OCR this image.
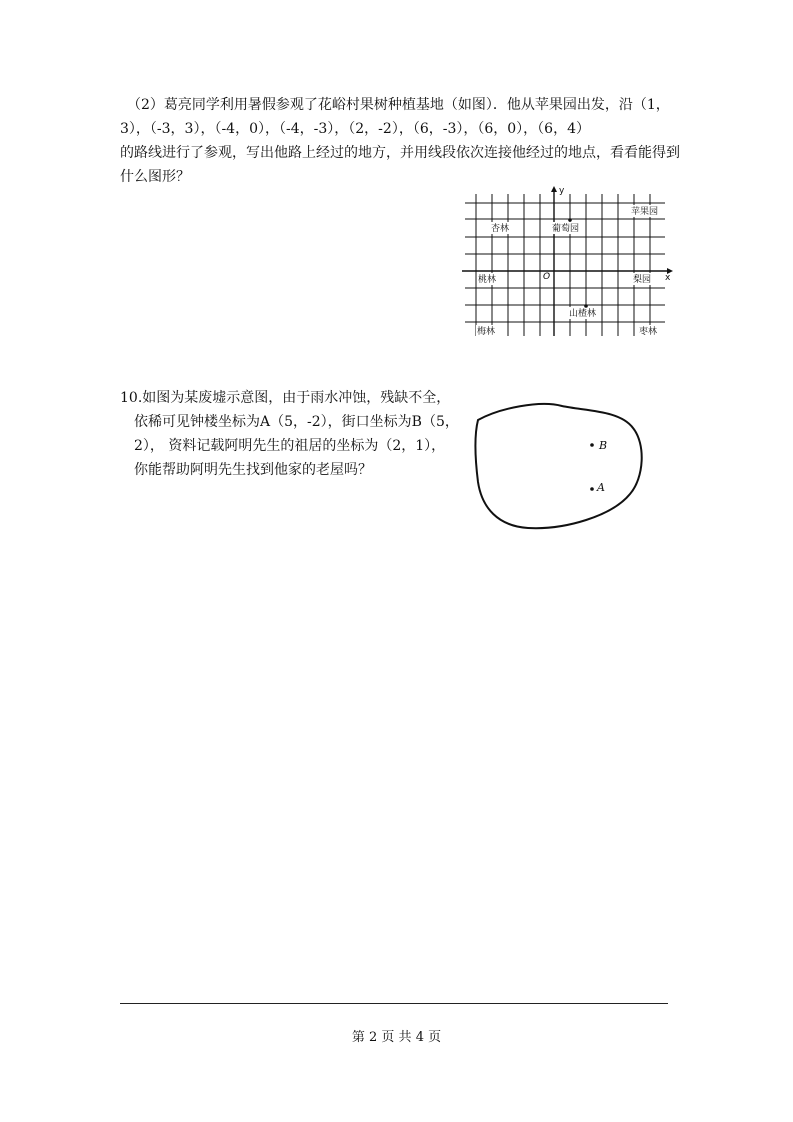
　（2）葛亮同学利用暑假参观了花峪村果树种植基地（如图）．他从苹果园出发，沿（1，
3），（-3，3），（-4，0），（-4，-3），（2，-2），（6，-3），（6，0），（6，4）
的路线进行了参观，写出他路上经过的地方，并用线段依次连接他经过的地点，看看能得到
什么图形？
y
x
O
杏林	葡萄园
苹果园
桃林	梨园
山楂林
梅林	枣林
10.如图为某废墟示意图，由于雨水冲蚀，残缺不全，
　依稀可见钟楼坐标为A（5，-2），街口坐标为B（5，
　2）， 资料记载阿明先生的祖居的坐标为（2，1），
　你能帮助阿明先生找到他家的老屋吗？
B
A
第 2 页 共 4 页
